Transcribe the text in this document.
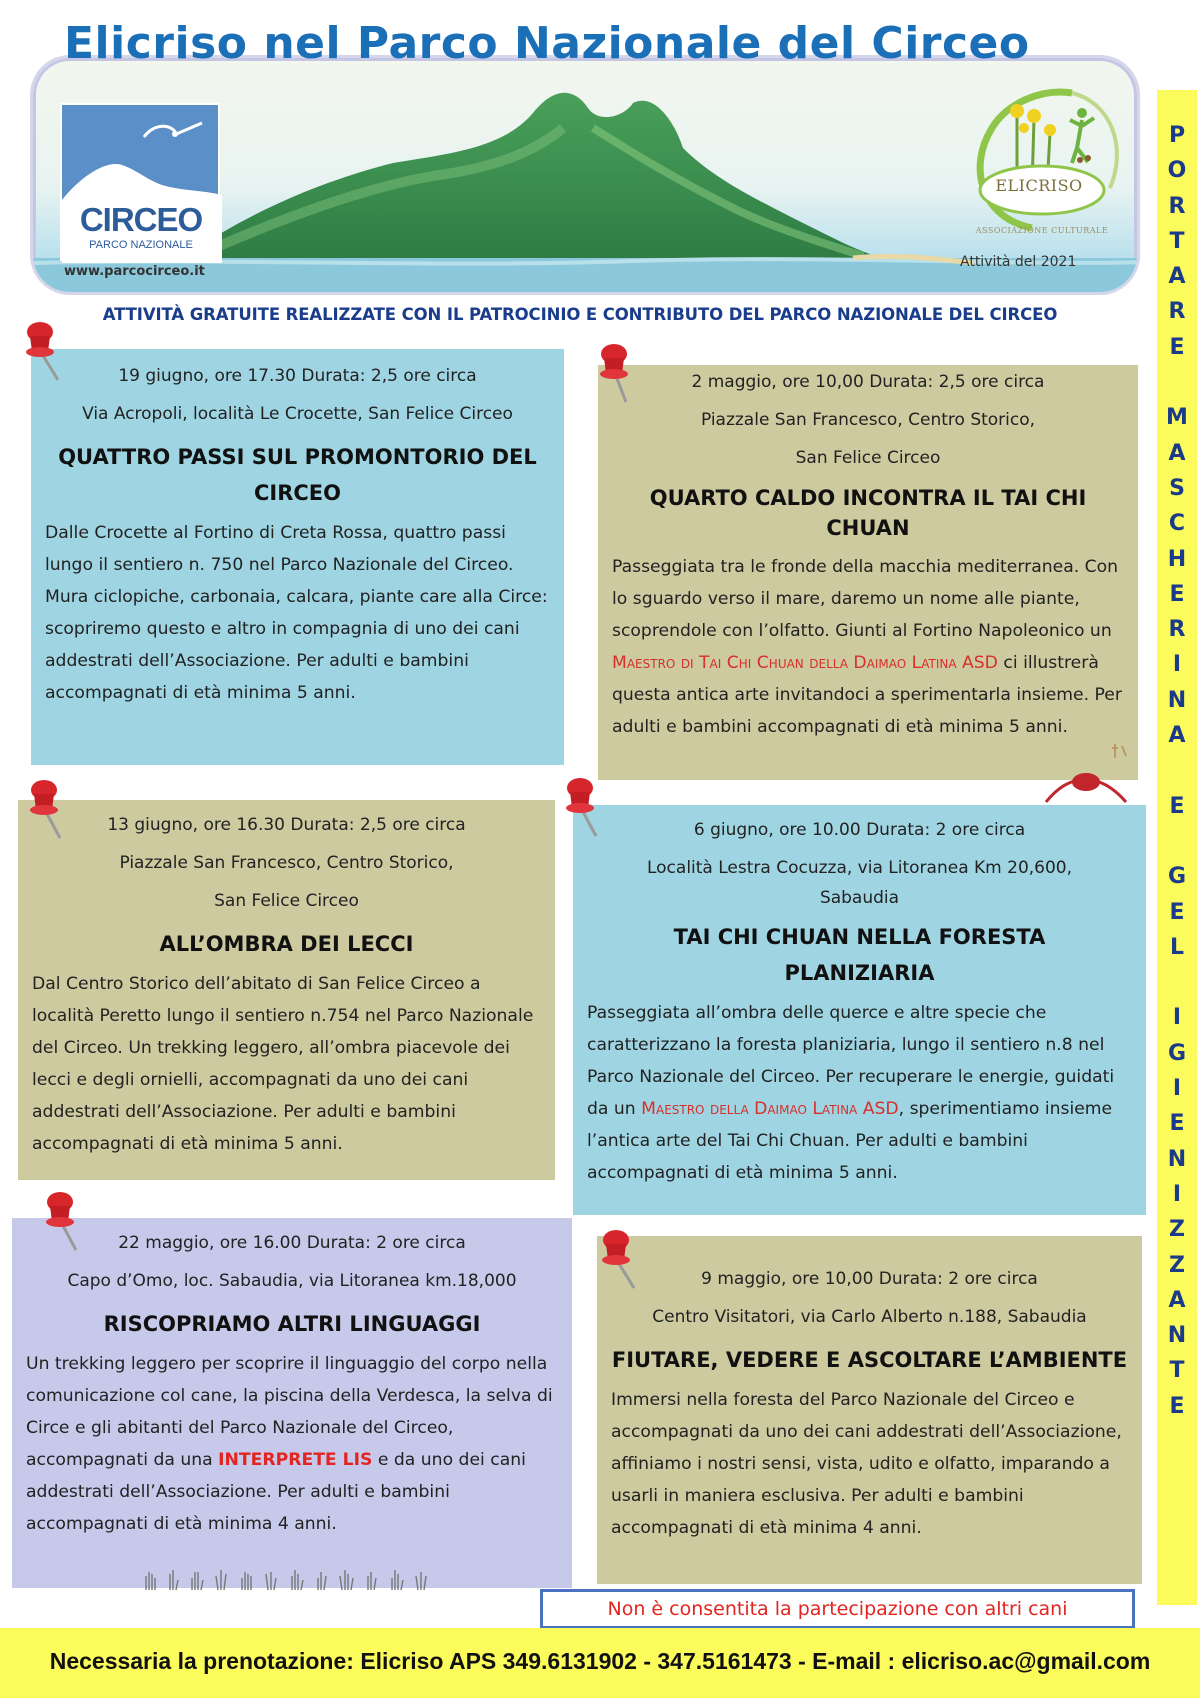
Elicriso nel Parco Nazionale del Circeo
CIRCEO
PARCO NAZIONALE
www.parcocirceo.it
ELICRISO
ASSOCIAZIONE CULTURALE
Attività del 2021
ATTIVITÀ GRATUITE REALIZZATE CON IL PATROCINIO E CONTRIBUTO DEL PARCO NAZIONALE DEL CIRCEO
P
O
R
T
A
R
E

M
A
S
C
H
E
R
I
N
A

E

G
E
L

I
G
I
E
N
I
Z
Z
A
N
T
E
19 giugno, ore 17.30 Durata: 2,5 ore circa
Via Acropoli, località Le Crocette, San Felice Circeo
QUATTRO PASSI SUL PROMONTORIO DEL CIRCEO
Dalle Crocette al Fortino di Creta Rossa, quattro passi lungo il sentiero n. 750 nel Parco Nazionale del Circeo. Mura ciclopiche, carbonaia, calcara, piante care alla Circe: scopriremo questo e altro in compagnia di uno dei cani addestrati dell’Associazione. Per adulti e bambini accompagnati di età minima 5 anni.
2 maggio, ore 10,00 Durata: 2,5 ore circa
Piazzale San Francesco, Centro Storico,
San Felice Circeo
QUARTO CALDO INCONTRA IL TAI CHI CHUAN
Passeggiata tra le fronde della macchia mediterranea. Con lo sguardo verso il mare, daremo un nome alle piante, scoprendole con l’olfatto. Giunti al Fortino Napoleonico un Maestro di Tai Chi Chuan della Daimao Latina ASD ci illustrerà questa antica arte invitandoci a sperimentarla insieme. Per adulti e bambini accompagnati di età minima 5 anni.
13 giugno, ore 16.30 Durata: 2,5 ore circa
Piazzale San Francesco, Centro Storico,
San Felice Circeo
ALL’OMBRA DEI LECCI
Dal Centro Storico dell’abitato di San Felice Circeo a località Peretto lungo il sentiero n.754 nel Parco Nazionale del Circeo. Un trekking leggero, all’ombra piacevole dei lecci e degli ornielli, accompagnati da uno dei cani addestrati dell’Associazione. Per adulti e bambini accompagnati di età minima 5 anni.
6 giugno, ore 10.00 Durata: 2 ore circa
Località Lestra Cocuzza, via Litoranea Km 20,600, Sabaudia
TAI CHI CHUAN NELLA FORESTA PLANIZIARIA
Passeggiata all’ombra delle querce e altre specie che caratterizzano la foresta planiziaria, lungo il sentiero n.8 nel Parco Nazionale del Circeo. Per recuperare le energie, guidati da un Maestro della Daimao Latina ASD, sperimentiamo insieme l’antica arte del Tai Chi Chuan. Per adulti e bambini accompagnati di età minima 5 anni.
22 maggio, ore 16.00 Durata: 2 ore circa
Capo d’Omo, loc. Sabaudia, via Litoranea km.18,000
RISCOPRIAMO ALTRI LINGUAGGI
Un trekking leggero per scoprire il linguaggio del corpo nella comunicazione col cane, la piscina della Verdesca, la selva di Circe e gli abitanti del Parco Nazionale del Circeo, accompagnati da una INTERPRETE LIS e da uno dei cani addestrati dell’Associazione. Per adulti e bambini accompagnati di età minima 4 anni.
9 maggio, ore 10,00 Durata: 2 ore circa
Centro Visitatori, via Carlo Alberto n.188, Sabaudia
FIUTARE, VEDERE E ASCOLTARE L’AMBIENTE
Immersi nella foresta del Parco Nazionale del Circeo e accompagnati da uno dei cani addestrati dell’Associazione, affiniamo i nostri sensi, vista, udito e olfatto, imparando a usarli in maniera esclusiva. Per adulti e bambini accompagnati di età minima 4 anni.
Non è consentita la partecipazione con altri cani
Necessaria la prenotazione: Elicriso APS 349.6131902 - 347.5161473 - E-mail : elicriso.ac@gmail.com
